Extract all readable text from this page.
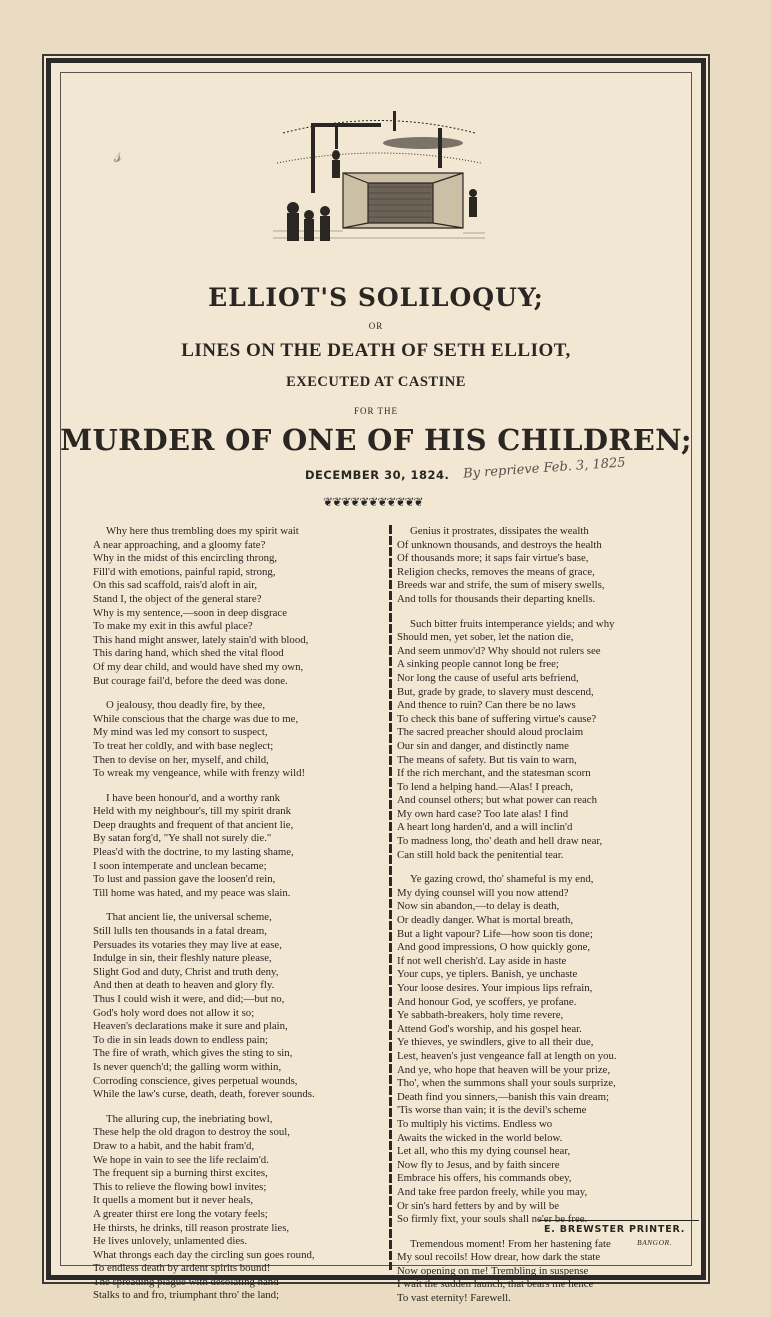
𝓈
ELLIOT'S SOLILOQUY;
OR
LINES ON THE DEATH OF SETH ELLIOT,
EXECUTED AT CASTINE
FOR THE
MURDER OF ONE OF HIS CHILDREN;
DECEMBER 30, 1824. By reprieve Feb. 3, 1825
❦❦❦❦❦❦❦❦❦❦❦

Why here thus trembling does my spirit wait

A near approaching, and a gloomy fate?

Why in the midst of this encircling throng,

Fill'd with emotions, painful rapid, strong,

On this sad scaffold, rais'd aloft in air,

Stand I, the object of the general stare?

Why is my sentence,—soon in deep disgrace

To make my exit in this awful place?

This hand might answer, lately stain'd with blood,

This daring hand, which shed the vital flood

Of my dear child, and would have shed my own,

But courage fail'd, before the deed was done.

O jealousy, thou deadly fire, by thee,

While conscious that the charge was due to me,

My mind was led my consort to suspect,

To treat her coldly, and with base neglect;

Then to devise on her, myself, and child,

To wreak my vengeance, while with frenzy wild!

I have been honour'd, and a worthy rank

Held with my neighbour's, till my spirit drank

Deep draughts and frequent of that ancient lie,

By satan forg'd, "Ye shall not surely die."

Pleas'd with the doctrine, to my lasting shame,

I soon intemperate and unclean became;

To lust and passion gave the loosen'd rein,

Till home was hated, and my peace was slain.

That ancient lie, the universal scheme,

Still lulls ten thousands in a fatal dream,

Persuades its votaries they may live at ease,

Indulge in sin, their fleshly nature please,

Slight God and duty, Christ and truth deny,

And then at death to heaven and glory fly.

Thus I could wish it were, and did;—but no,

God's holy word does not allow it so;

Heaven's declarations make it sure and plain,

To die in sin leads down to endless pain;

The fire of wrath, which gives the sting to sin,

Is never quench'd; the galling worm within,

Corroding conscience, gives perpetual wounds,

While the law's curse, death, death, forever sounds.

The alluring cup, the inebriating bowl,

These help the old dragon to destroy the soul,

Draw to a habit, and the habit fram'd,

We hope in vain to see the life reclaim'd.

The frequent sip a burning thirst excites,

This to relieve the flowing bowl invites;

It quells a moment but it never heals,

A greater thirst ere long the votary feels;

He thirsts, he drinks, till reason prostrate lies,

He lives unlovely, unlamented dies.

What throngs each day the circling sun goes round,

To endless death by ardent spirits bound!

The spreading plague with desolating hand

Stalks to and fro, triumphant thro' the land;

Genius it prostrates, dissipates the wealth

Of unknown thousands, and destroys the health

Of thousands more; it saps fair virtue's base,

Religion checks, removes the means of grace,

Breeds war and strife, the sum of misery swells,

And tolls for thousands their departing knells.

Such bitter fruits intemperance yields; and why

Should men, yet sober, let the nation die,

And seem unmov'd? Why should not rulers see

A sinking people cannot long be free;

Nor long the cause of useful arts befriend,

But, grade by grade, to slavery must descend,

And thence to ruin? Can there be no laws

To check this bane of suffering virtue's cause?

The sacred preacher should aloud proclaim

Our sin and danger, and distinctly name

The means of safety. But tis vain to warn,

If the rich merchant, and the statesman scorn

To lend a helping hand.—Alas! I preach,

And counsel others; but what power can reach

My own hard case? Too late alas! I find

A heart long harden'd, and a will inclin'd

To madness long, tho' death and hell draw near,

Can still hold back the penitential tear.

Ye gazing crowd, tho' shameful is my end,

My dying counsel will you now attend?

Now sin abandon,—to delay is death,

Or deadly danger. What is mortal breath,

But a light vapour? Life—how soon tis done;

And good impressions, O how quickly gone,

If not well cherish'd. Lay aside in haste

Your cups, ye tiplers. Banish, ye unchaste

Your loose desires. Your impious lips refrain,

And honour God, ye scoffers, ye profane.

Ye sabbath-breakers, holy time revere,

Attend God's worship, and his gospel hear.

Ye thieves, ye swindlers, give to all their due,

Lest, heaven's just vengeance fall at length on you.

And ye, who hope that heaven will be your prize,

Tho', when the summons shall your souls surprize,

Death find you sinners,—banish this vain dream;

'Tis worse than vain; it is the devil's scheme

To multiply his victims. Endless wo

Awaits the wicked in the world below.

Let all, who this my dying counsel hear,

Now fly to Jesus, and by faith sincere

Embrace his offers, his commands obey,

And take free pardon freely, while you may,

Or sin's hard fetters by and by will be

So firmly fixt, your souls shall ne'er be free.

Tremendous moment! From her hastening fate

My soul recoils! How drear, how dark the state

Now opening on me! Trembling in suspense

I wait the sudden launch, that bears me hence

To vast eternity! Farewell.

E. BREWSTER PRINTER.
BANGOR.
